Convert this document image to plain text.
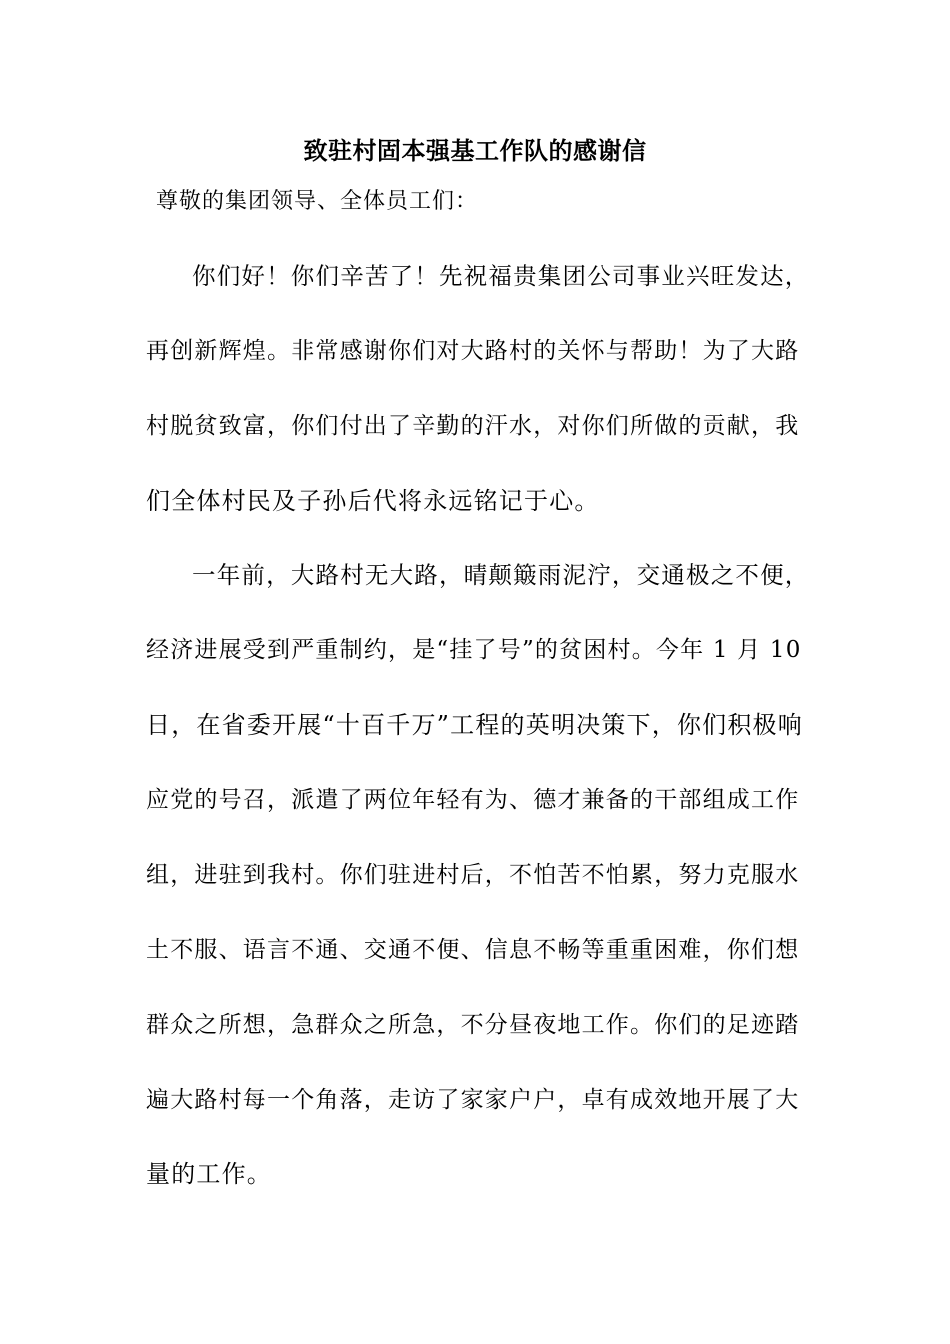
致驻村固本强基工作队的感谢信
尊敬的集团领导、全体员工们：
你们好！你们辛苦了！先祝福贵集团公司事业兴旺发达，
再创新辉煌。非常感谢你们对大路村的关怀与帮助！为了大路
村脱贫致富，你们付出了辛勤的汗水，对你们所做的贡献，我
们全体村民及子孙后代将永远铭记于心。
一年前，大路村无大路，晴颠簸雨泥泞，交通极之不便，
经济进展受到严重制约，是“挂了号”的贫困村。今年 1 月 10
日，在省委开展“十百千万”工程的英明决策下，你们积极响
应党的号召，派遣了两位年轻有为、德才兼备的干部组成工作
组，进驻到我村。你们驻进村后，不怕苦不怕累，努力克服水
土不服、语言不通、交通不便、信息不畅等重重困难，你们想
群众之所想，急群众之所急，不分昼夜地工作。你们的足迹踏
遍大路村每一个角落，走访了家家户户，卓有成效地开展了大
量的工作。
